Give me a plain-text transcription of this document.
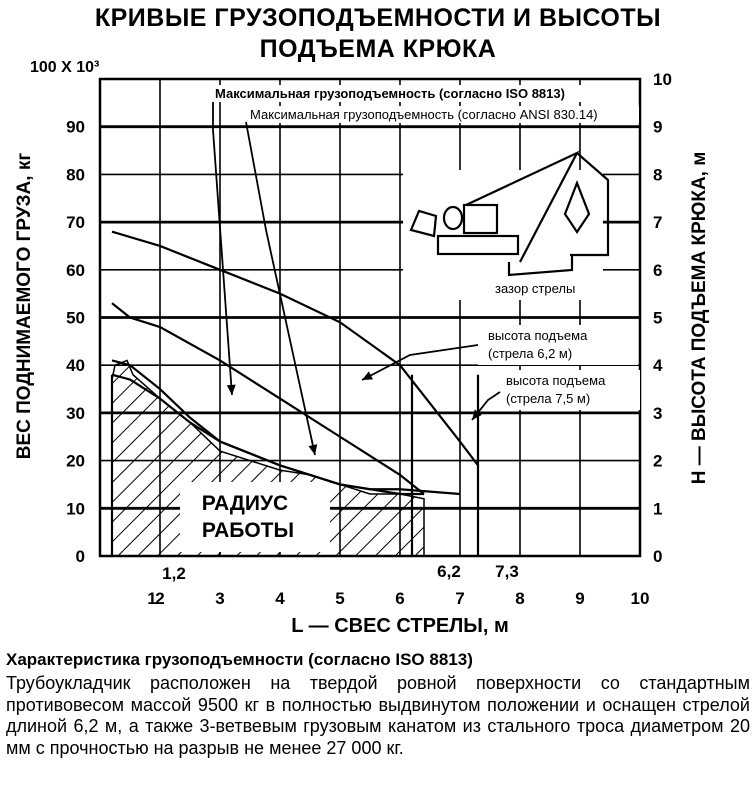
1
2	3	4	5	6	7	8	9	10
0
10
20
30
40
50
60
70
80
90
0
1
2
3
4
5
6
7
8
9
10
100 Х 10³
L — СВЕС СТРЕЛЫ, м
1,2	6,2 7,3
Максимальная грузоподъемность (согласно ISO 8813)
Максимальная грузоподъемность (согласно ANSI 830.14)
высота подъема
(стрела 6,2 м)
высота подъема
(стрела 7,5 м)
зазор стрелы
РАДИУС
РАБОТЫ
КРИВЫЕ ГРУЗОПОДЪЕМНОСТИ И ВЫСОТЫ
ПОДЪЕМА КРЮКА
ВЕС ПОДНИМАЕМОГО ГРУЗА, кг	H — ВЫСОТА ПОДЪЕМА КРЮКА, м
Характеристика грузоподъемности (согласно ISO 8813)
Трубоукладчик расположен на твердой ровной поверхности со стандартным противовесом массой 9500 кг в полностью выдвинутом положении и оснащен стрелой длиной 6,2 м, а также 3-ветвевым грузовым канатом из стального троса диаметром 20 мм с прочностью на разрыв не менее 27 000 кг.
